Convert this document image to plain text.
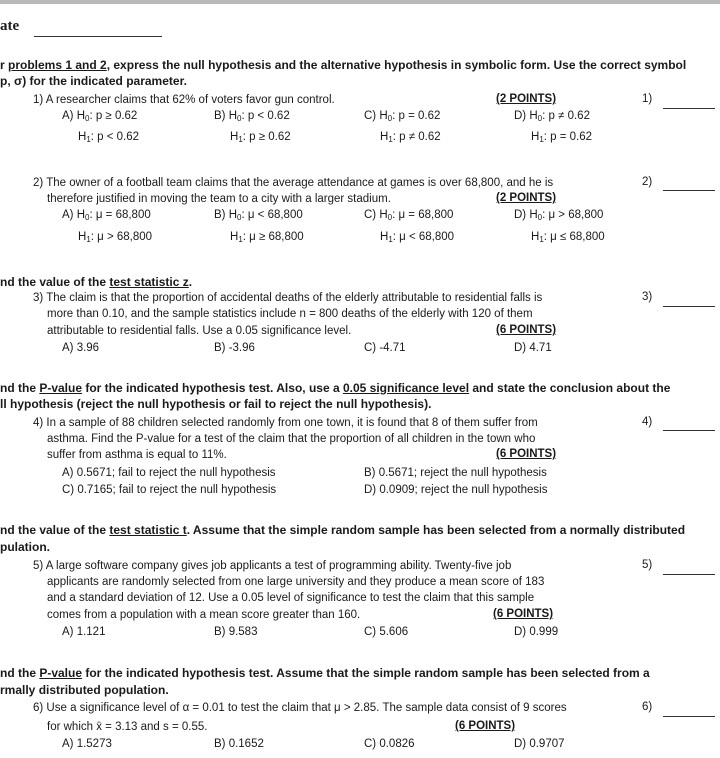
ate
r problems 1 and 2, express the null hypothesis and the alternative hypothesis in symbolic form. Use the correct symbol
p, σ) for the indicated parameter.
1) A researcher claims that 62% of voters favor gun control.	(2 POINTS)	1)
A) $H_0$: p ≥ 0.62
$H_1$: p < 0.62
B) $H_0$: p < 0.62
$H_1$: p ≥ 0.62
C) $H_0$: p = 0.62
$H_1$: p ≠ 0.62
D) $H_0$: p ≠ 0.62
$H_1$: p = 0.62
2) The owner of a football team claims that the average attendance at games is over 68,800, and he is
therefore justified in moving the team to a city with a larger stadium.	(2 POINTS)
2)
A) $H_0$: μ = 68,800
$H_1$: μ > 68,800
B) $H_0$: μ < 68,800
$H_1$: μ ≥ 68,800
C) $H_0$: μ = 68,800
$H_1$: μ < 68,800
D) $H_0$: μ > 68,800
$H_1$: μ ≤ 68,800
nd the value of the test statistic z.
3) The claim is that the proportion of accidental deaths of the elderly attributable to residential falls is
more than 0.10, and the sample statistics include n = 800 deaths of the elderly with 120 of them
attributable to residential falls. Use a 0.05 significance level.	(6 POINTS)
3)
A) 3.96	B) -3.96	C) -4.71	D) 4.71
nd the P-value for the indicated hypothesis test. Also, use a 0.05 significance level and state the conclusion about the
ll hypothesis (reject the null hypothesis or fail to reject the null hypothesis).
4) In a sample of 88 children selected randomly from one town, it is found that 8 of them suffer from
asthma. Find the P-value for a test of the claim that the proportion of all children in the town who
suffer from asthma is equal to 11%.	(6 POINTS)
4)
A) 0.5671; fail to reject the null hypothesis	B) 0.5671; reject the null hypothesis
C) 0.7165; fail to reject the null hypothesis	D) 0.0909; reject the null hypothesis
nd the value of the test statistic t. Assume that the simple random sample has been selected from a normally distributed
pulation.
5) A large software company gives job applicants a test of programming ability. Twenty-five job
applicants are randomly selected from one large university and they produce a mean score of 183
and a standard deviation of 12. Use a 0.05 level of significance to test the claim that this sample
comes from a population with a mean score greater than 160.	(6 POINTS)
5)
A) 1.121	B) 9.583	C) 5.606	D) 0.999
nd the P-value for the indicated hypothesis test. Assume that the simple random sample has been selected from a
rmally distributed population.
6) Use a significance level of α = 0.01 to test the claim that μ > 2.85. The sample data consist of 9 scores
for which x̄ = 3.13 and s = 0.55.	(6 POINTS)
6)
A) 1.5273	B) 0.1652	C) 0.0826	D) 0.9707
